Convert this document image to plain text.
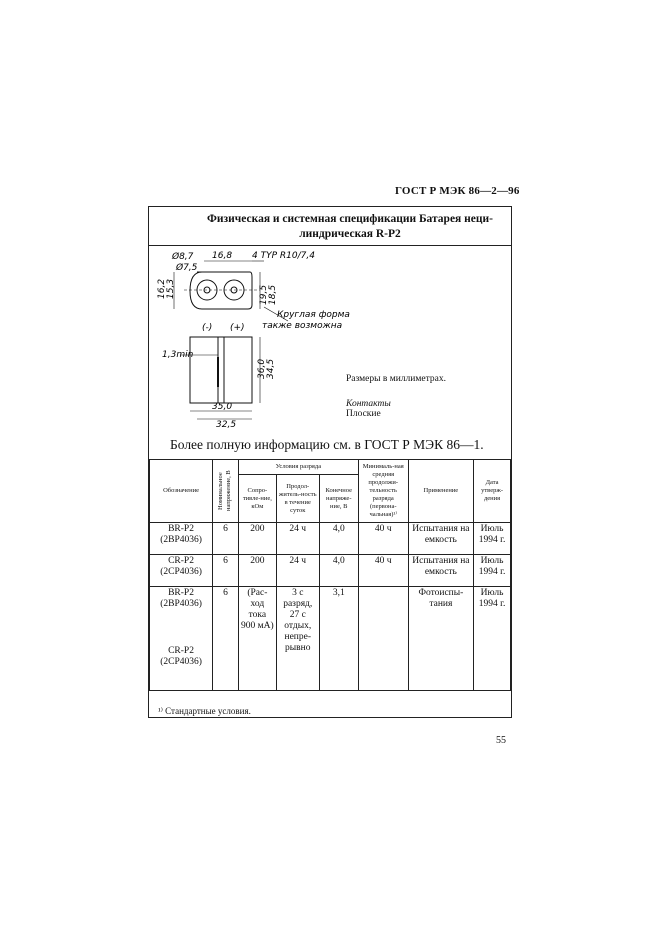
ГОСТ Р МЭК 86—2—96
Физическая и системная спецификации Батарея неци-
линдрическая R-P2
Ø8,7
Ø7,5
16,8 4 TYP R10/7,4
16,2 15,3	19,5 18,5
Круглая форма
также возможна
(-) (+)
1,3min
36,0 34,5
35,0
32,5
Размеры в миллиметрах.
Контакты
Плоские
Более полную информацию см. в ГОСТ Р МЭК 86—1.
Обозначение	Номинальное напряжение, В	Условия разряда			Минималь-ная средняя продолжи-тельность разряда (первона-чальная)¹⁾	Применение	Дата утверж-дения
		Сопро-тивле-ние, кОм	Продол-житель-ность в течение суток	Конечное напряже-ние, В			

BR-P2
(2BP4036)	6	200	24 ч	4,0	40 ч	Испытания на емкость	Июль 1994 г.

CR-P2
(2CP4036)	6	200	24 ч	4,0	40 ч	Испытания на емкость	Июль 1994 г.

BR-P2
(2BP4036)
CR-P2
(2CP4036)	6	(Рас-ход тока 900 мА)	3 с разряд, 27 с отдых, непре-рывно	3,1		Фотоиспы-тания	Июль 1994 г.
¹⁾ Стандартные условия.
55
